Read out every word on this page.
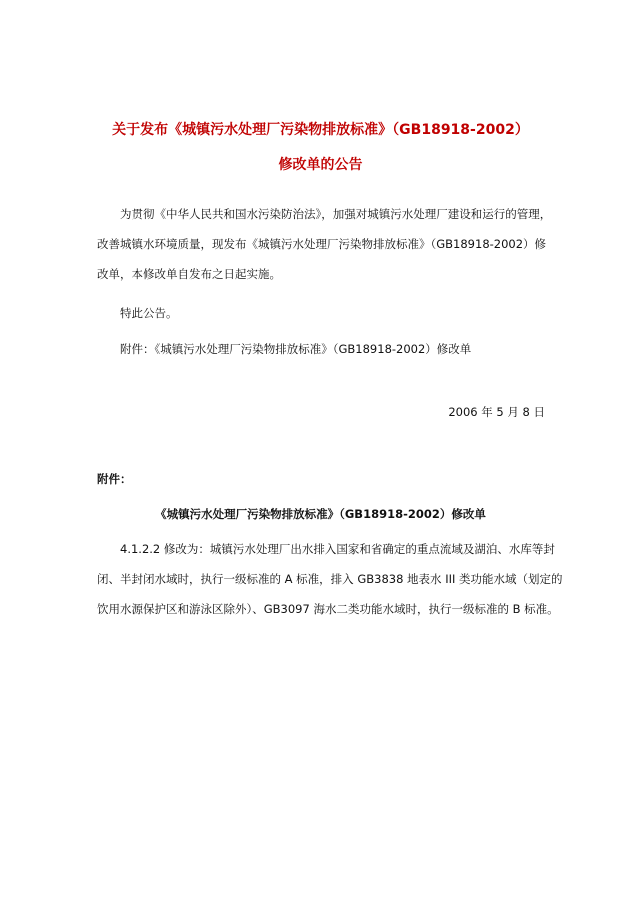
关于发布《城镇污水处理厂污染物排放标准》（GB18918-2002）
修改单的公告
为贯彻《中华人民共和国水污染防治法》，加强对城镇污水处理厂建设和运行的管理，
改善城镇水环境质量，现发布《城镇污水处理厂污染物排放标准》（GB18918-2002）修
改单，本修改单自发布之日起实施。
特此公告。
附件：《城镇污水处理厂污染物排放标准》（GB18918-2002）修改单
2006 年 5 月 8 日
附件：
《城镇污水处理厂污染物排放标准》（GB18918-2002）修改单
4.1.2.2 修改为：城镇污水处理厂出水排入国家和省确定的重点流域及湖泊、水库等封
闭、半封闭水域时，执行一级标准的 A 标准，排入 GB3838 地表水 III 类功能水域（划定的
饮用水源保护区和游泳区除外）、GB3097 海水二类功能水域时，执行一级标准的 B 标准。
